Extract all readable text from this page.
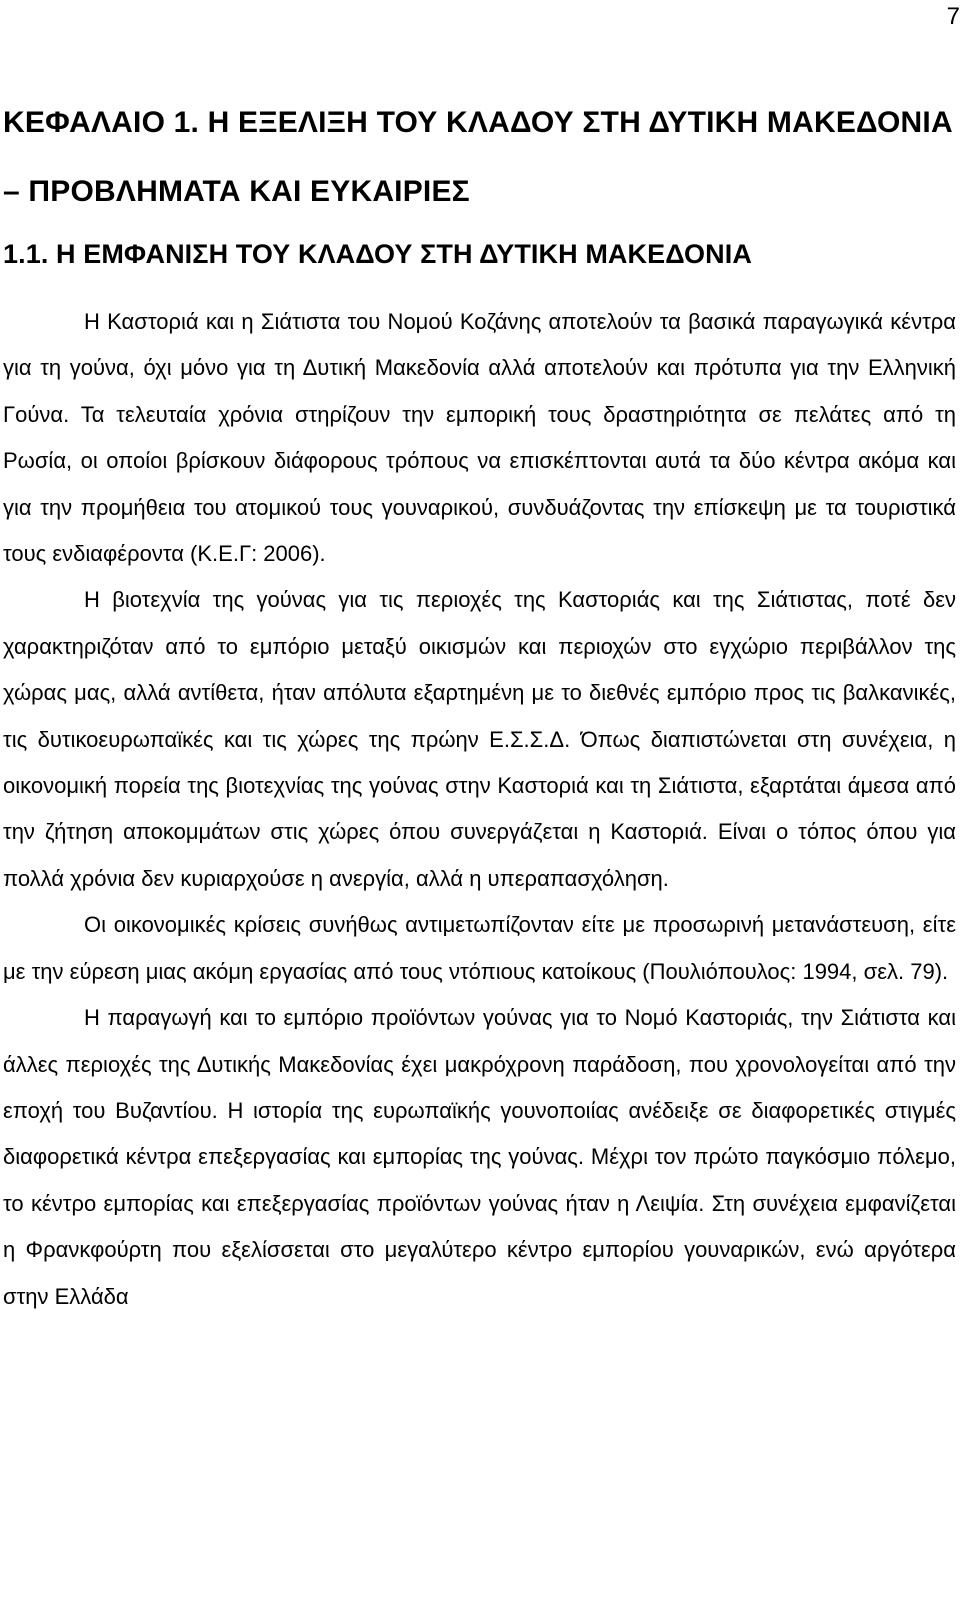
7
ΚΕΦΑΛΑΙΟ 1. Η ΕΞΕΛΙΞΗ ΤΟΥ ΚΛΑΔΟΥ ΣΤΗ ΔΥΤΙΚΗ ΜΑΚΕΔΟΝΙΑ – ΠΡΟΒΛΗΜΑΤΑ ΚΑΙ ΕΥΚΑΙΡΙΕΣ
1.1. Η ΕΜΦΑΝΙΣΗ ΤΟΥ ΚΛΑΔΟΥ ΣΤΗ ΔΥΤΙΚΗ ΜΑΚΕΔΟΝΙΑ

Η Καστοριά και η Σιάτιστα του Νομού Κοζάνης αποτελούν τα βασικά παραγωγικά κέντρα για τη γούνα, όχι μόνο για τη Δυτική Μακεδονία αλλά αποτελούν και πρότυπα για την Ελληνική Γούνα. Τα τελευταία χρόνια στηρίζουν την εμπορική τους δραστηριότητα σε πελάτες από τη Ρωσία, οι οποίοι βρίσκουν διάφορους τρόπους να επισκέπτονται αυτά τα δύο κέντρα ακόμα και για την προμήθεια του ατομικού τους γουναρικού, συνδυάζοντας την επίσκεψη με τα τουριστικά τους ενδιαφέροντα (Κ.Ε.Γ: 2006).

Η βιοτεχνία της γούνας για τις περιοχές της Καστοριάς και της Σιάτιστας, ποτέ δεν χαρακτηριζόταν από το εμπόριο μεταξύ οικισμών και περιοχών στο εγχώριο περιβάλλον της χώρας μας, αλλά αντίθετα, ήταν απόλυτα εξαρτημένη με το διεθνές εμπόριο προς τις βαλκανικές, τις δυτικοευρωπαϊκές και τις χώρες της πρώην Ε.Σ.Σ.Δ. Όπως διαπιστώνεται στη συνέχεια, η οικονομική πορεία της βιοτεχνίας της γούνας στην Καστοριά και τη Σιάτιστα, εξαρτάται άμεσα από την ζήτηση αποκομμάτων στις χώρες όπου συνεργάζεται η Καστοριά. Είναι ο τόπος όπου για πολλά χρόνια δεν κυριαρχούσε η ανεργία, αλλά η υπεραπασχόληση.

Οι οικονομικές κρίσεις συνήθως αντιμετωπίζονταν είτε με προσωρινή μετανάστευση, είτε με την εύρεση μιας ακόμη εργασίας από τους ντόπιους κατοίκους (Πουλιόπουλος: 1994, σελ. 79).

Η παραγωγή και το εμπόριο προϊόντων γούνας για το Νομό Καστοριάς, την Σιάτιστα και άλλες περιοχές της Δυτικής Μακεδονίας έχει μακρόχρονη παράδοση, που χρονολογείται από την εποχή του Βυζαντίου. Η ιστορία της ευρωπαϊκής γουνοποιίας ανέδειξε σε διαφορετικές στιγμές διαφορετικά κέντρα επεξεργασίας και εμπορίας της γούνας. Μέχρι τον πρώτο παγκόσμιο πόλεμο, το κέντρο εμπορίας και επεξεργασίας προϊόντων γούνας ήταν η Λειψία. Στη συνέχεια εμφανίζεται η Φρανκφούρτη που εξελίσσεται στο μεγαλύτερο κέντρο εμπορίου γουναρικών, ενώ αργότερα στην Ελλάδα
